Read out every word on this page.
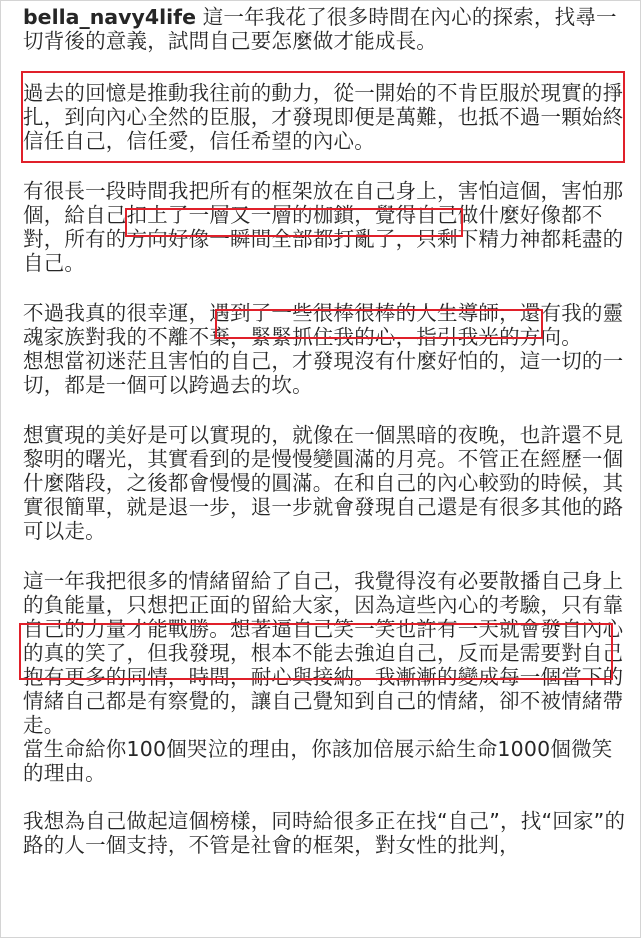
bella_navy4life 這一年我花了很多時間在內心的探索，找尋一切背後的意義，試問自己要怎麼做才能成長。

過去的回憶是推動我往前的動力，從一開始的不肯臣服於現實的掙扎，到向內心全然的臣服，才發現即便是萬難，也抵不過一顆始終信任自己，信任愛，信任希望的內心。

有很長一段時間我把所有的框架放在自己身上，害怕這個，害怕那個，給自己扣上了一層又一層的枷鎖，覺得自己做什麼好像都不對，所有的方向好像一瞬間全部都打亂了，只剩下精力神都耗盡的自己。

不過我真的很幸運，遇到了一些很棒很棒的人生導師，還有我的靈魂家族對我的不離不棄，緊緊抓住我的心，指引我光的方向。

想想當初迷茫且害怕的自己，才發現沒有什麼好怕的，這一切的一切，都是一個可以跨過去的坎。

想實現的美好是可以實現的，就像在一個黑暗的夜晚，也許還不見黎明的曙光，其實看到的是慢慢變圓滿的月亮。不管正在經歷一個什麼階段，之後都會慢慢的圓滿。在和自己的內心較勁的時候，其實很簡單，就是退一步，退一步就會發現自己還是有很多其他的路可以走。

這一年我把很多的情緒留給了自己，我覺得沒有必要散播自己身上的負能量，只想把正面的留給大家，因為這些內心的考驗，只有靠自己的力量才能戰勝。想著逼自己笑一笑也許有一天就會發自內心的真的笑了，但我發現，根本不能去強迫自己，反而是需要對自己抱有更多的同情，時間，耐心與接納。我漸漸的變成每一個當下的情緒自己都是有察覺的，讓自己覺知到自己的情緒，卻不被情緒帶走。

當生命給你100個哭泣的理由，你該加倍展示給生命1000個微笑的理由。

我想為自己做起這個榜樣，同時給很多正在找“自己”，找“回家”的路的人一個支持，不管是社會的框架，對女性的批判，
